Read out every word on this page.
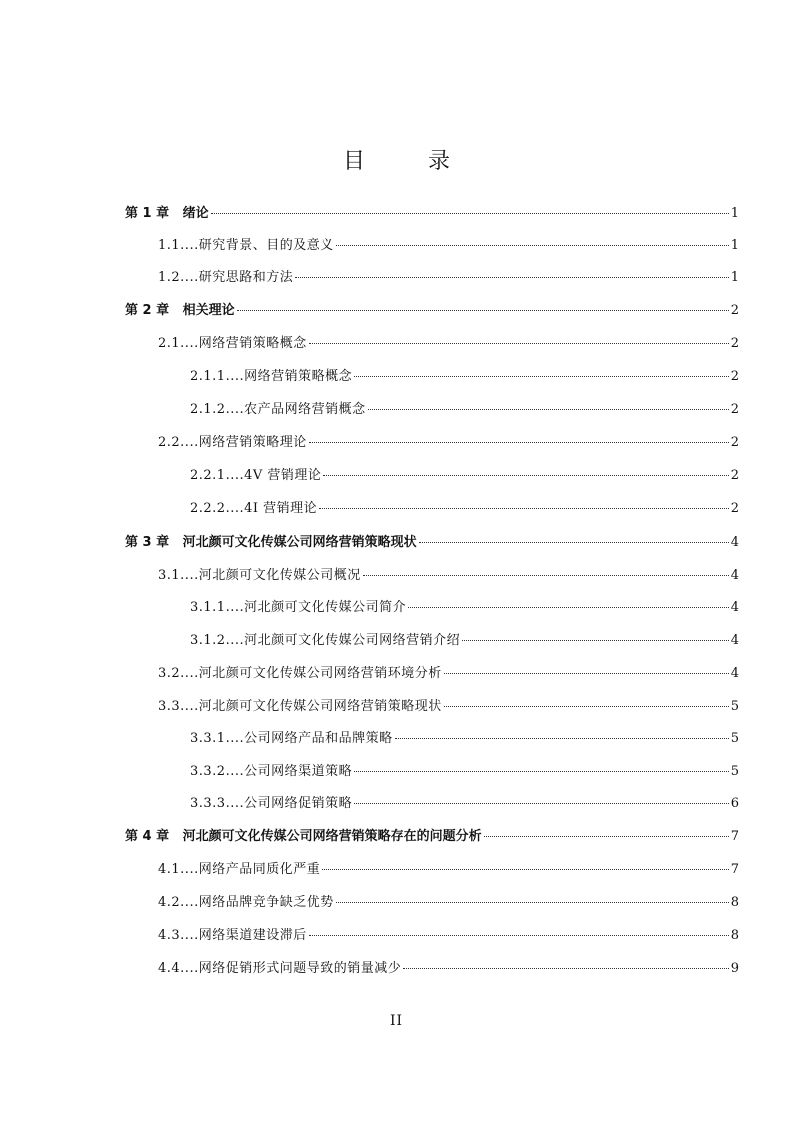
目 录
第 1 章   绪论	1
1.1....研究背景、目的及意义	1
1.2....研究思路和方法	1
第 2 章   相关理论	2
2.1....网络营销策略概念	2
2.1.1....网络营销策略概念	2
2.1.2....农产品网络营销概念	2
2.2....网络营销策略理论	2
2.2.1....4V 营销理论	2
2.2.2....4I 营销理论	2
第 3 章   河北颜可文化传媒公司网络营销策略现状	4
3.1....河北颜可文化传媒公司概况	4
3.1.1....河北颜可文化传媒公司简介	4
3.1.2....河北颜可文化传媒公司网络营销介绍	4
3.2....河北颜可文化传媒公司网络营销环境分析	4
3.3....河北颜可文化传媒公司网络营销策略现状	5
3.3.1....公司网络产品和品牌策略	5
3.3.2....公司网络渠道策略	5
3.3.3....公司网络促销策略	6
第 4 章   河北颜可文化传媒公司网络营销策略存在的问题分析	7
4.1....网络产品同质化严重	7
4.2....网络品牌竞争缺乏优势	8
4.3....网络渠道建设滞后	8
4.4....网络促销形式问题导致的销量减少	9
II
